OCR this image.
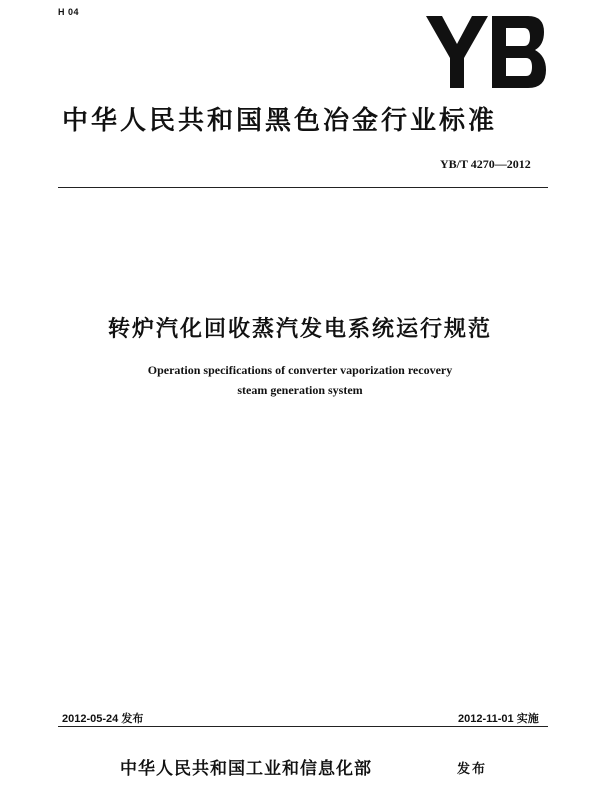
H 04
中华人民共和国黑色冶金行业标准
YB/T 4270—2012
转炉汽化回收蒸汽发电系统运行规范
Operation specifications of converter vaporization recovery
steam generation system
2012-05-24 发布	2012-11-01 实施
中华人民共和国工业和信息化部	发布
